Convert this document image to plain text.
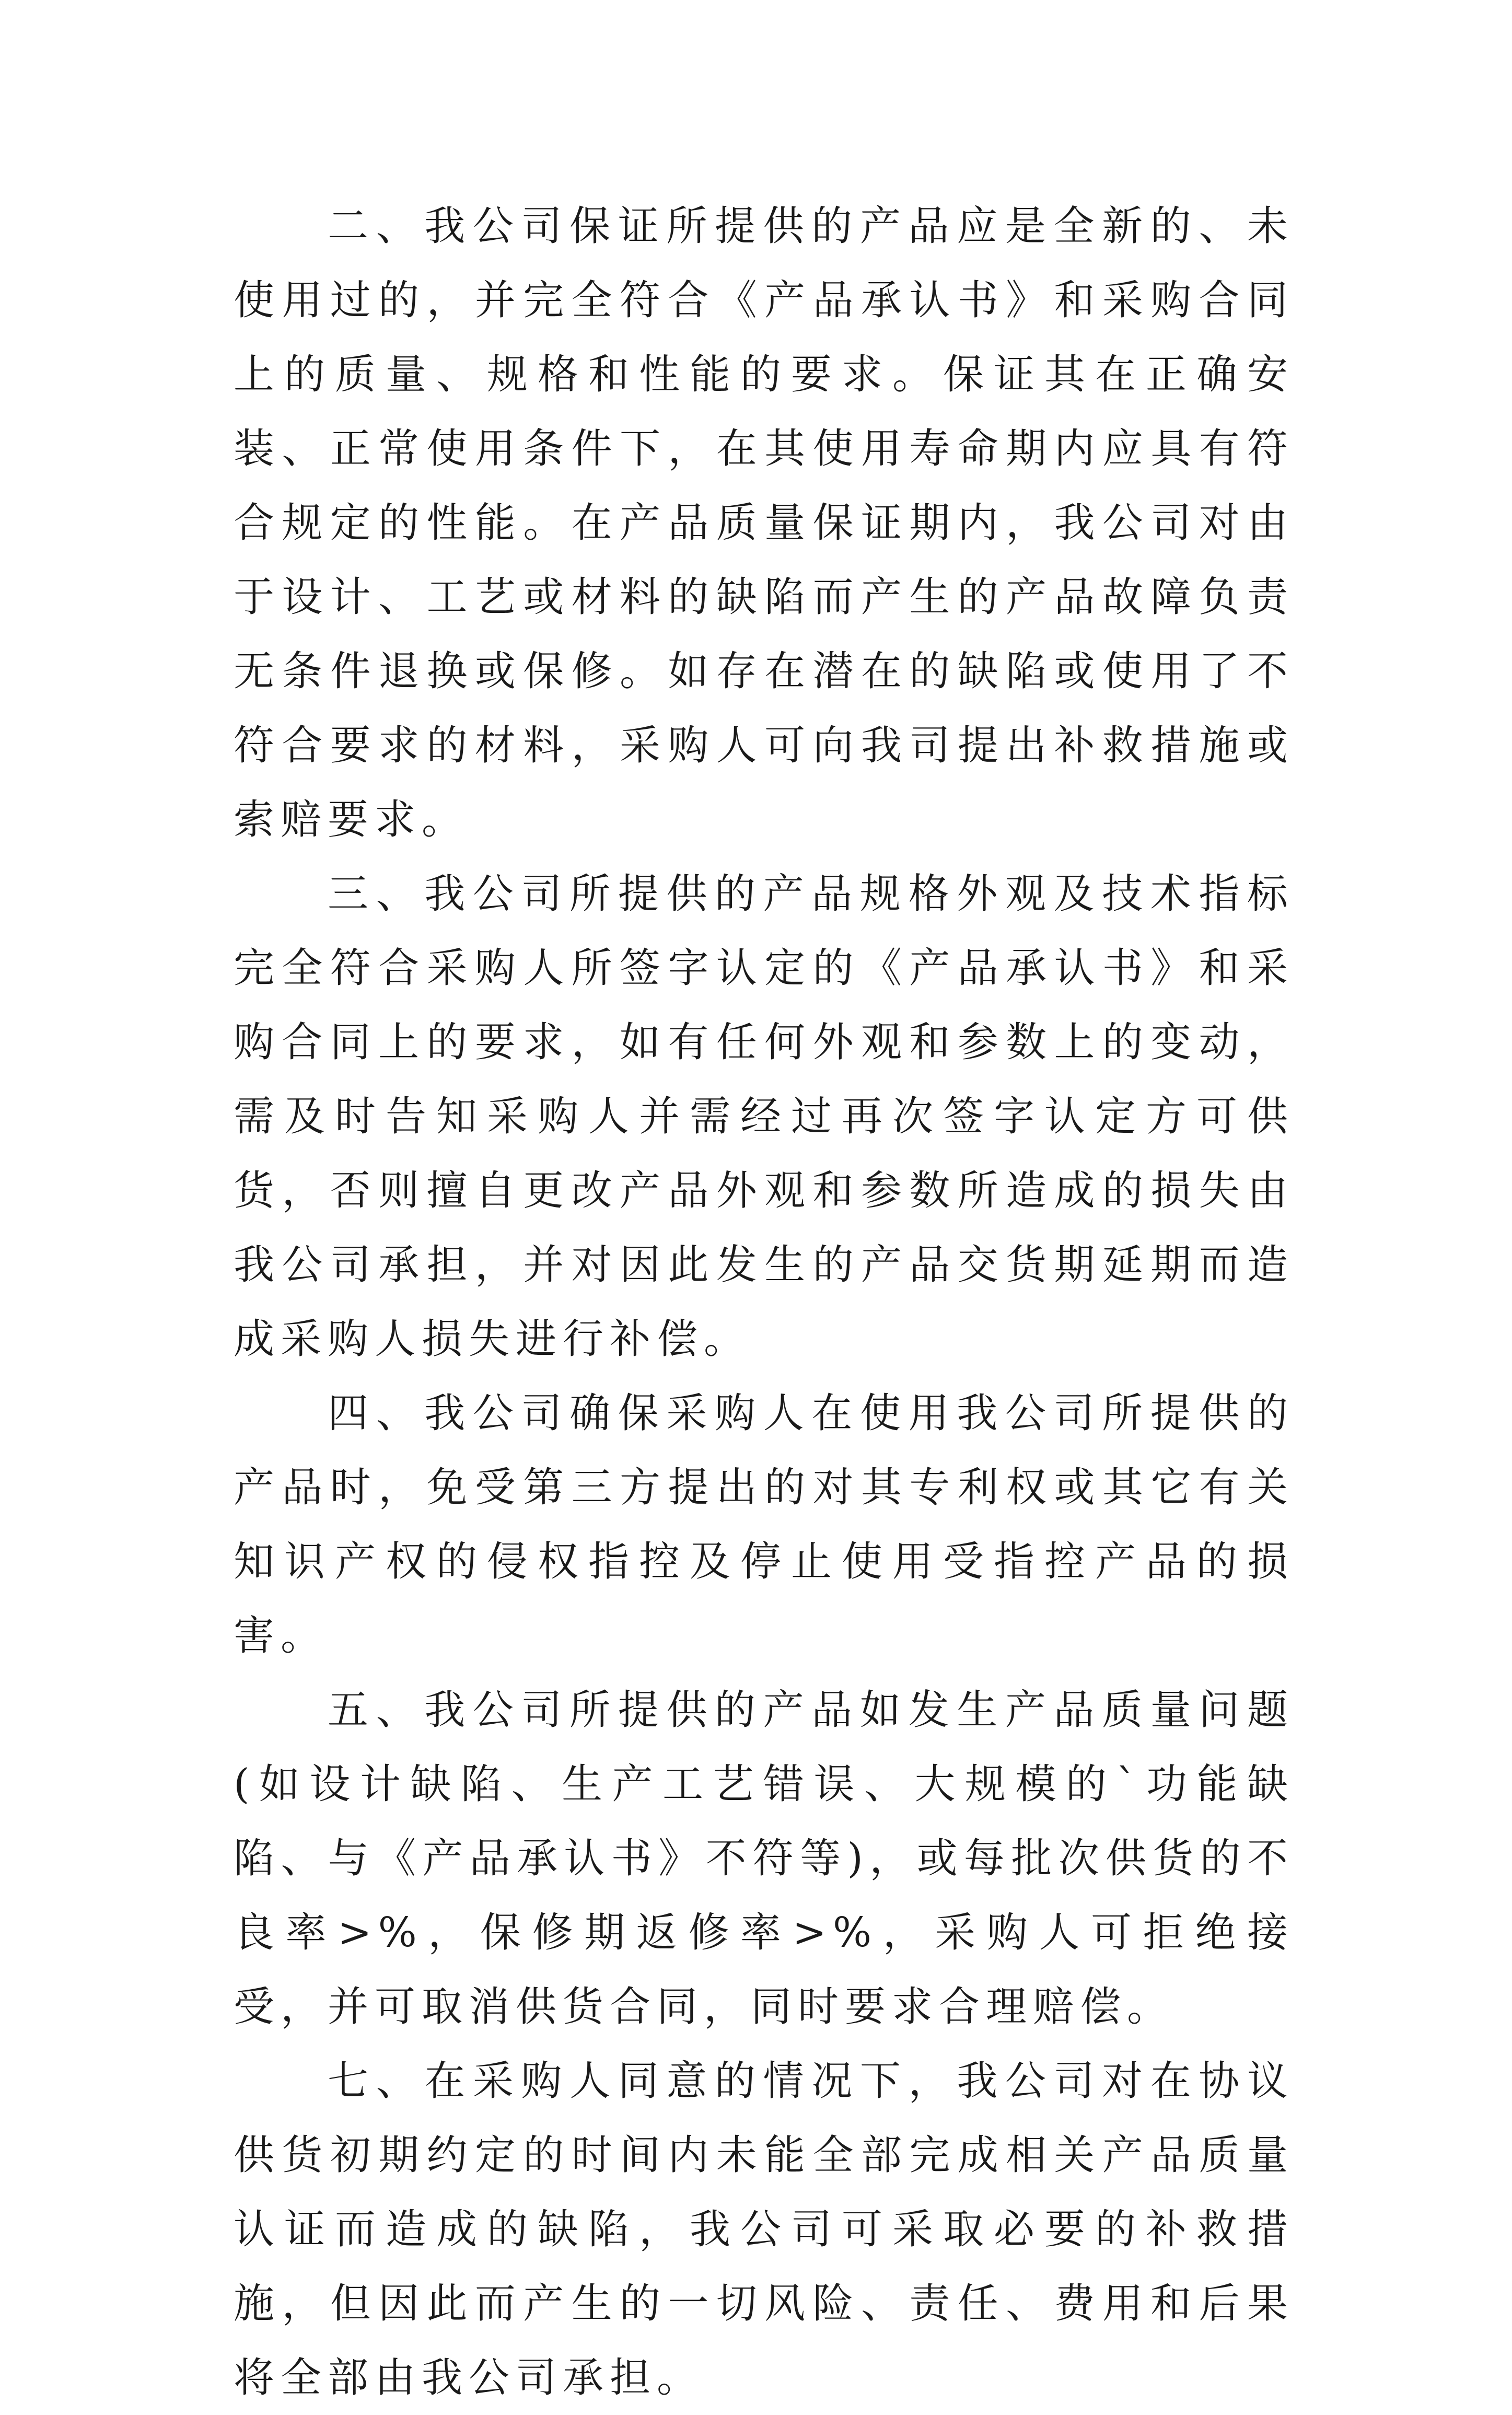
二、我公司保证所提供的产品应是全新的、未使用过的，并完全符合《产品承认书》和采购合同上的质量、规格和性能的要求。保证其在正确安装、正常使用条件下，在其使用寿命期内应具有符合规定的性能。在产品质量保证期内，我公司对由于设计、工艺或材料的缺陷而产生的产品故障负责无条件退换或保修。如存在潜在的缺陷或使用了不符合要求的材料，采购人可向我司提出补救措施或索赔要求。

三、我公司所提供的产品规格外观及技术指标完全符合采购人所签字认定的《产品承认书》和采购合同上的要求，如有任何外观和参数上的变动，需及时告知采购人并需经过再次签字认定方可供货，否则擅自更改产品外观和参数所造成的损失由我公司承担，并对因此发生的产品交货期延期而造成采购人损失进行补偿。

四、我公司确保采购人在使用我公司所提供的产品时，免受第三方提出的对其专利权或其它有关知识产权的侵权指控及停止使用受指控产品的损害。

五、我公司所提供的产品如发生产品质量问题(如设计缺陷、生产工艺错误、大规模的`功能缺陷、与《产品承认书》不符等)，或每批次供货的不良率>%，保修期返修率>%，采购人可拒绝接受，并可取消供货合同，同时要求合理赔偿。

七、在采购人同意的情况下，我公司对在协议供货初期约定的时间内未能全部完成相关产品质量认证而造成的缺陷，我公司可采取必要的补救措施，但因此而产生的一切风险、责任、费用和后果将全部由我公司承担。
